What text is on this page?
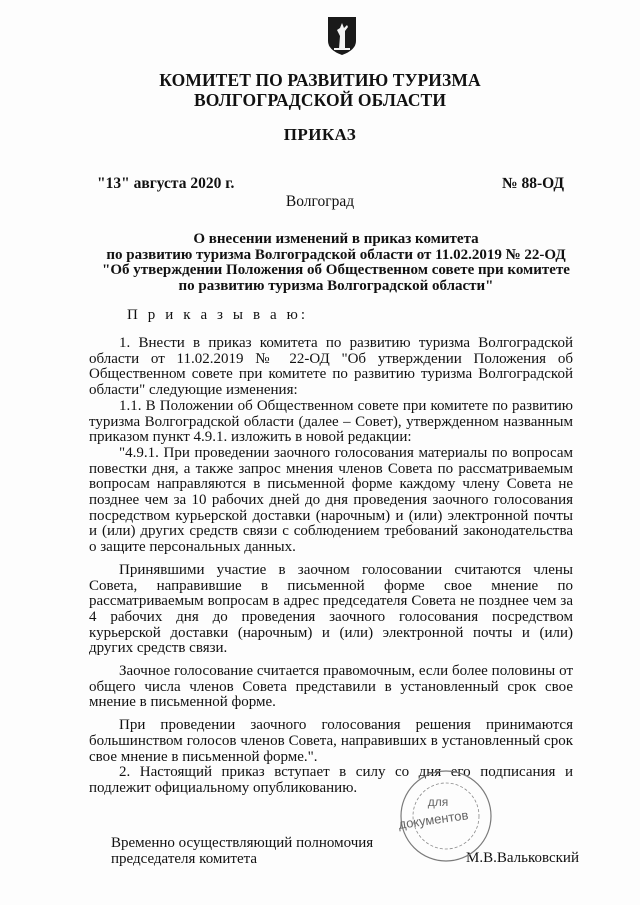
КОМИТЕТ ПО РАЗВИТИЮ ТУРИЗМА
ВОЛГОГРАДСКОЙ ОБЛАСТИ
ПРИКАЗ
"13" августа 2020 г.	№ 88-ОД
Волгоград
О внесении изменений в приказ комитета
по развитию туризма Волгоградской области от 11.02.2019 № 22-ОД
"Об утверждении Положения об Общественном совете при комитете
по развитию туризма Волгоградской области"
П р и к а з ы в а ю:

1. Внести в приказ комитета по развитию туризма Волгоградской области от 11.02.2019 № 22-ОД "Об утверждении Положения об Общественном совете при комитете по развитию туризма Волгоградской области" следующие изменения:

1.1. В Положении об Общественном совете при комитете по развитию туризма Волгоградской области (далее – Совет), утвержденном названным приказом пункт 4.9.1. изложить в новой редакции:

"4.9.1. При проведении заочного голосования материалы по вопросам повестки дня, а также запрос мнения членов Совета по рассматриваемым вопросам направляются в письменной форме каждому члену Совета не позднее чем за 10 рабочих дней до дня проведения заочного голосования посредством курьерской доставки (нарочным) и (или) электронной почты и (или) других средств связи с соблюдением требований законодательства о защите персональных данных.

Принявшими участие в заочном голосовании считаются члены Совета, направившие в письменной форме свое мнение по рассматриваемым вопросам в адрес председателя Совета не позднее чем за 4 рабочих дня до проведения заочного голосования посредством курьерской доставки (нарочным) и (или) электронной почты и (или) других средств связи.

Заочное голосование считается правомочным, если более половины от общего числа членов Совета представили в установленный срок свое мнение в письменной форме.

При проведении заочного голосования решения принимаются большинством голосов членов Совета, направивших в установленный срок свое мнение в письменной форме.".

2. Настоящий приказ вступает в силу со дня его подписания и подлежит официальному опубликованию.

Временно осуществляющий полномочия
председателя комитета	М.В.Вальковский
для
документов
